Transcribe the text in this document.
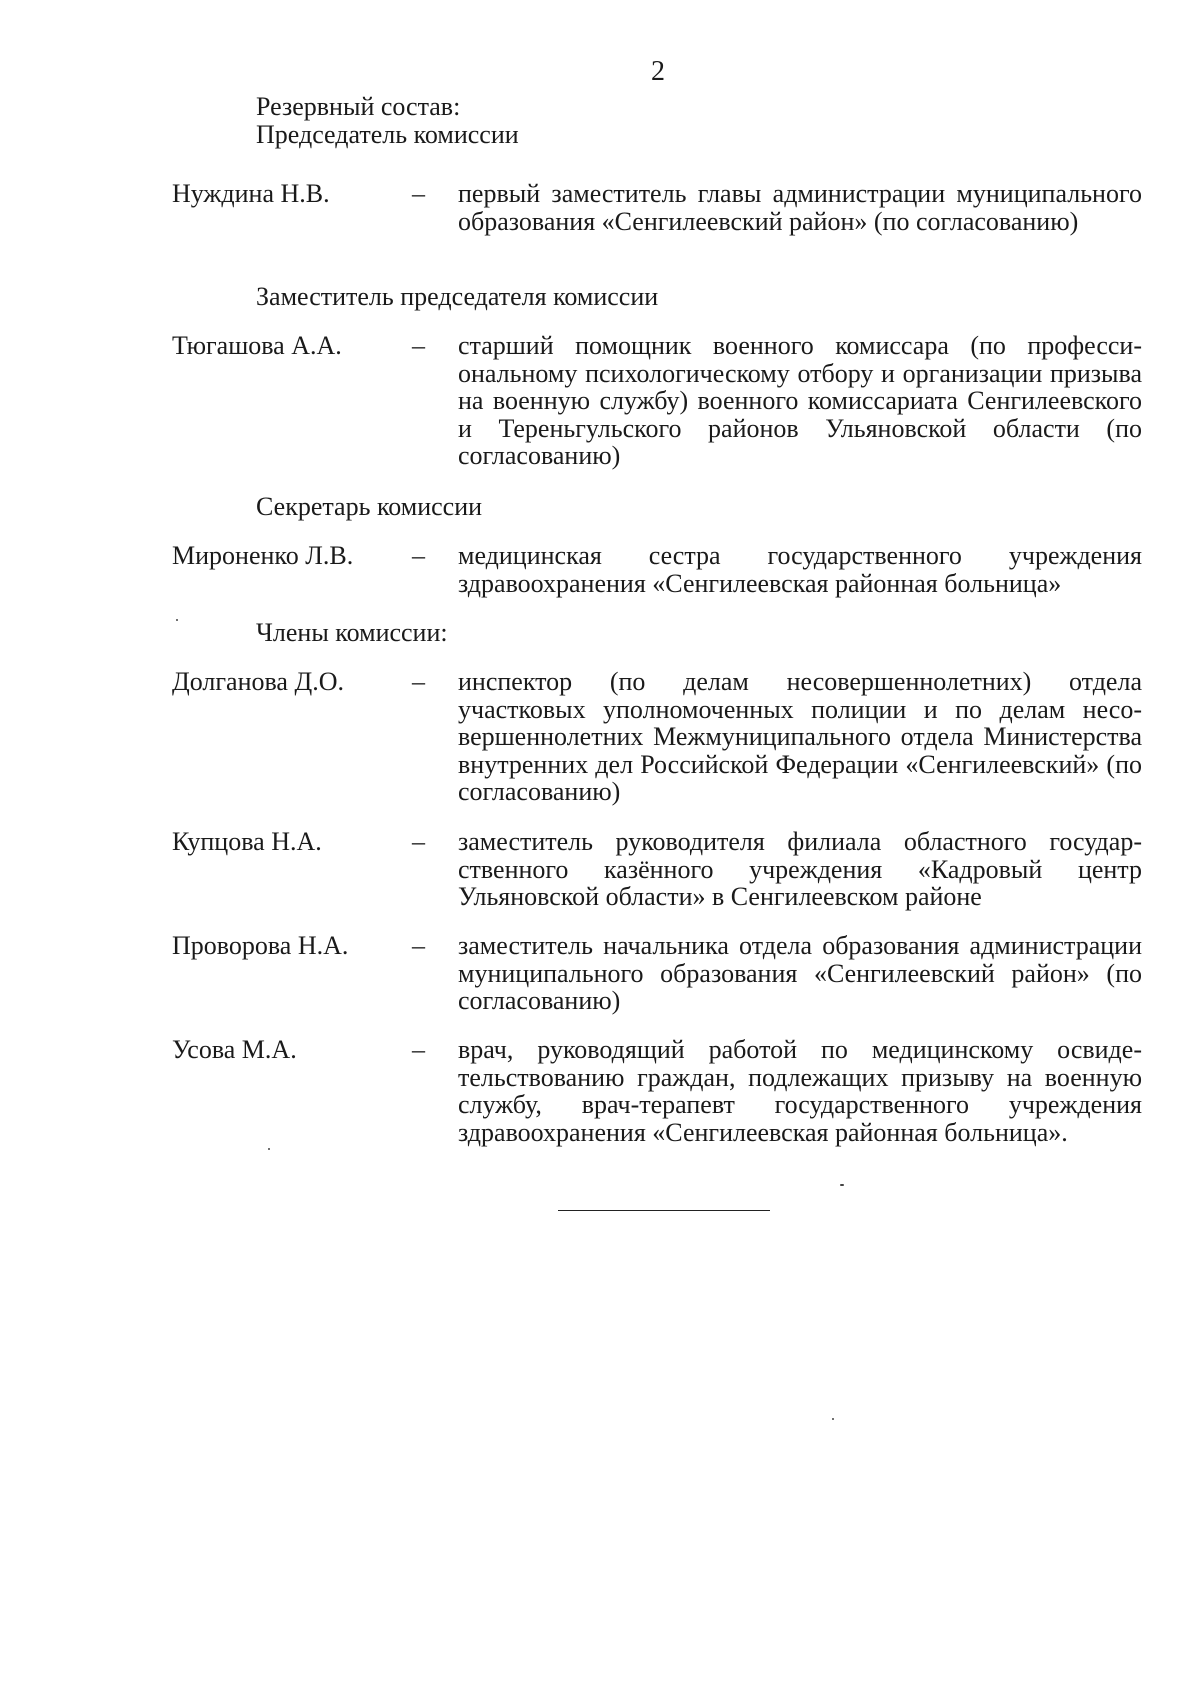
2
Резервный состав:
Председатель комиссии
Нуждина Н.В.	– первый заместитель главы администрации муниципального образования «Сенгилеевский район» (по согласованию)
Заместитель председателя комиссии
Тюгашова А.А.	– старший помощник военного комиссара (по профессиональному психологическому отбору и организации призыва на военную службу) военного комиссариата Сенгилеевского и Тереньгульского районов Ульяновской области (по согласованию)
Секретарь комиссии
Мироненко Л.В. – медицинская сестра государственного учреждения здравоохранения «Сенгилеевская районная больница»
Члены комиссии:
Долганова Д.О.	– инспектор (по делам несовершеннолетних) отдела участковых уполномоченных полиции и по делам несовершеннолетних Межмуниципального отдела Министерства внутренних дел Российской Федерации «Сенгилеевский» (по согласованию)
Купцова Н.А.	– заместитель руководителя филиала областного государственного казённого учреждения «Кадровый центр Ульяновской области» в Сенгилеевском районе
Проворова Н.А. – заместитель начальника отдела образования администрации муниципального образования «Сенгилеевский район» (по согласованию)
Усова М.А.	– врач, руководящий работой по медицинскому освидетельствованию граждан, подлежащих призыву на военную службу, врач-терапевт государственного учреждения здравоохранения «Сенгилеевская районная больница».
